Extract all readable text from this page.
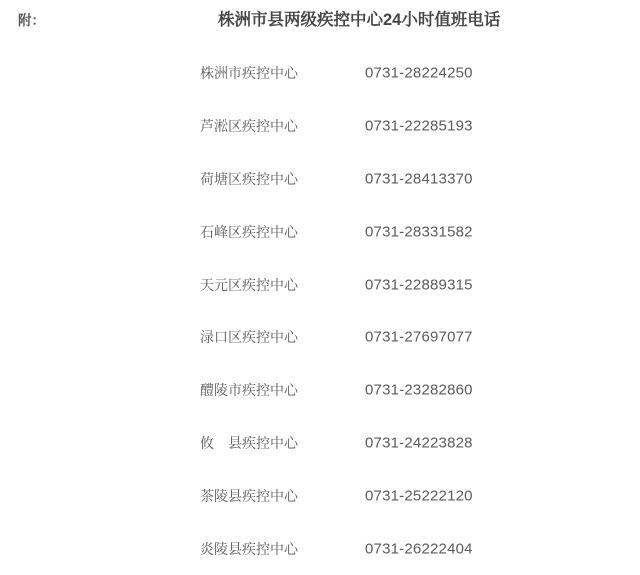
附：	株洲市县两级疾控中心24小时值班电话
株洲市疾控中心	0731-28224250
芦淞区疾控中心	0731-22285193
荷塘区疾控中心	0731-28413370
石峰区疾控中心	0731-28331582
天元区疾控中心	0731-22889315
渌口区疾控中心	0731-27697077
醴陵市疾控中心	0731-23282860
攸　县疾控中心	0731-24223828
茶陵县疾控中心	0731-25222120
炎陵县疾控中心	0731-26222404
